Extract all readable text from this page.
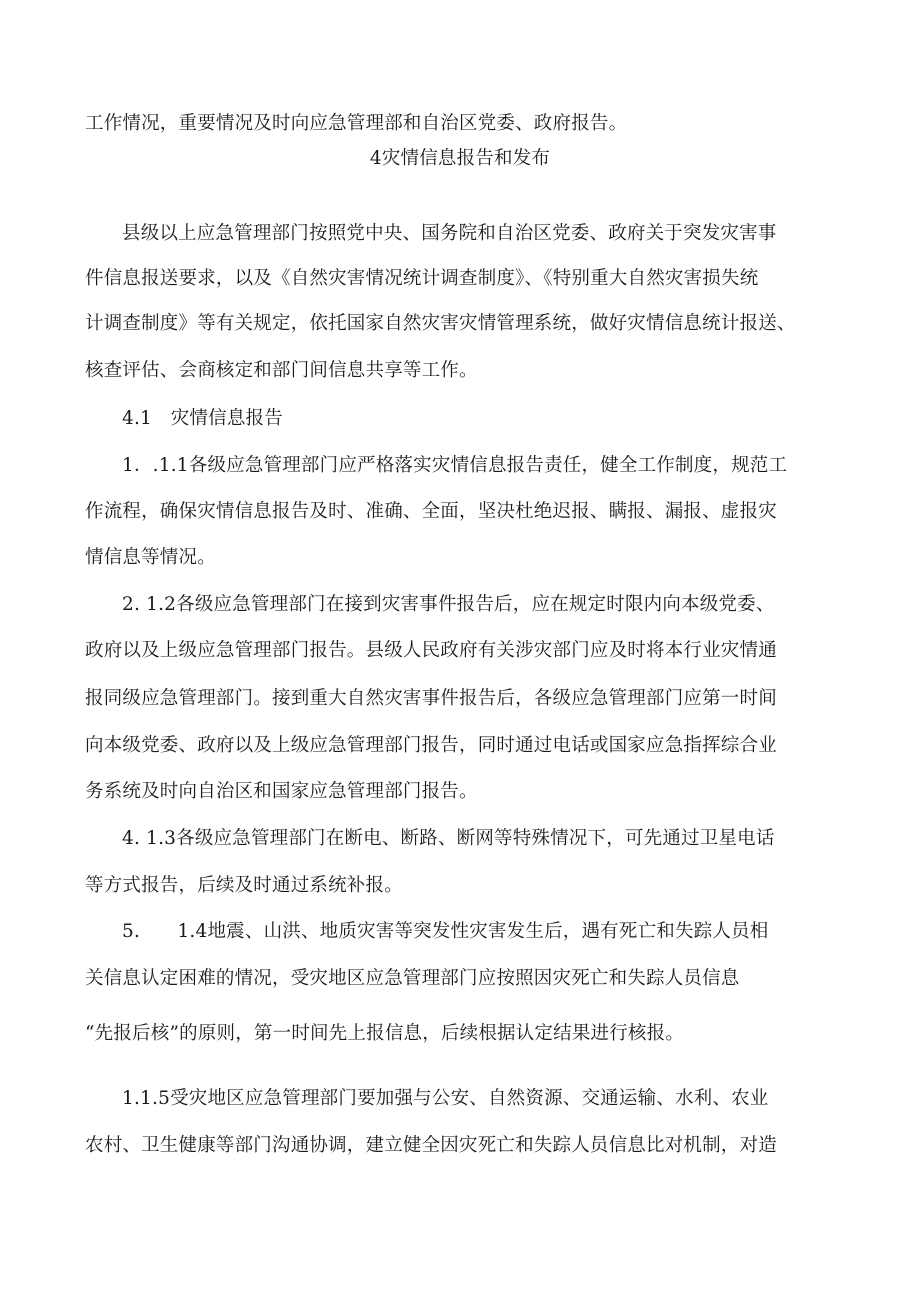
工作情况，重要情况及时向应急管理部和自治区党委、政府报告。
4灾情信息报告和发布
县级以上应急管理部门按照党中央、国务院和自治区党委、政府关于突发灾害事
件信息报送要求，以及《自然灾害情况统计调查制度》、《特别重大自然灾害损失统
计调查制度》等有关规定，依托国家自然灾害灾情管理系统，做好灾情信息统计报送、
核查评估、会商核定和部门间信息共享等工作。
4.1　灾情信息报告
1．.1.1各级应急管理部门应严格落实灾情信息报告责任，健全工作制度，规范工
作流程，确保灾情信息报告及时、准确、全面，坚决杜绝迟报、瞒报、漏报、虚报灾
情信息等情况。
2. 1.2各级应急管理部门在接到灾害事件报告后，应在规定时限内向本级党委、
政府以及上级应急管理部门报告。县级人民政府有关涉灾部门应及时将本行业灾情通
报同级应急管理部门。接到重大自然灾害事件报告后，各级应急管理部门应第一时间
向本级党委、政府以及上级应急管理部门报告，同时通过电话或国家应急指挥综合业
务系统及时向自治区和国家应急管理部门报告。
4. 1.3各级应急管理部门在断电、断路、断网等特殊情况下，可先通过卫星电话
等方式报告，后续及时通过系统补报。
5.　　1.4地震、山洪、地质灾害等突发性灾害发生后，遇有死亡和失踪人员相
关信息认定困难的情况，受灾地区应急管理部门应按照因灾死亡和失踪人员信息
“先报后核”的原则，第一时间先上报信息，后续根据认定结果进行核报。
1.1.5受灾地区应急管理部门要加强与公安、自然资源、交通运输、水利、农业
农村、卫生健康等部门沟通协调，建立健全因灾死亡和失踪人员信息比对机制，对造
